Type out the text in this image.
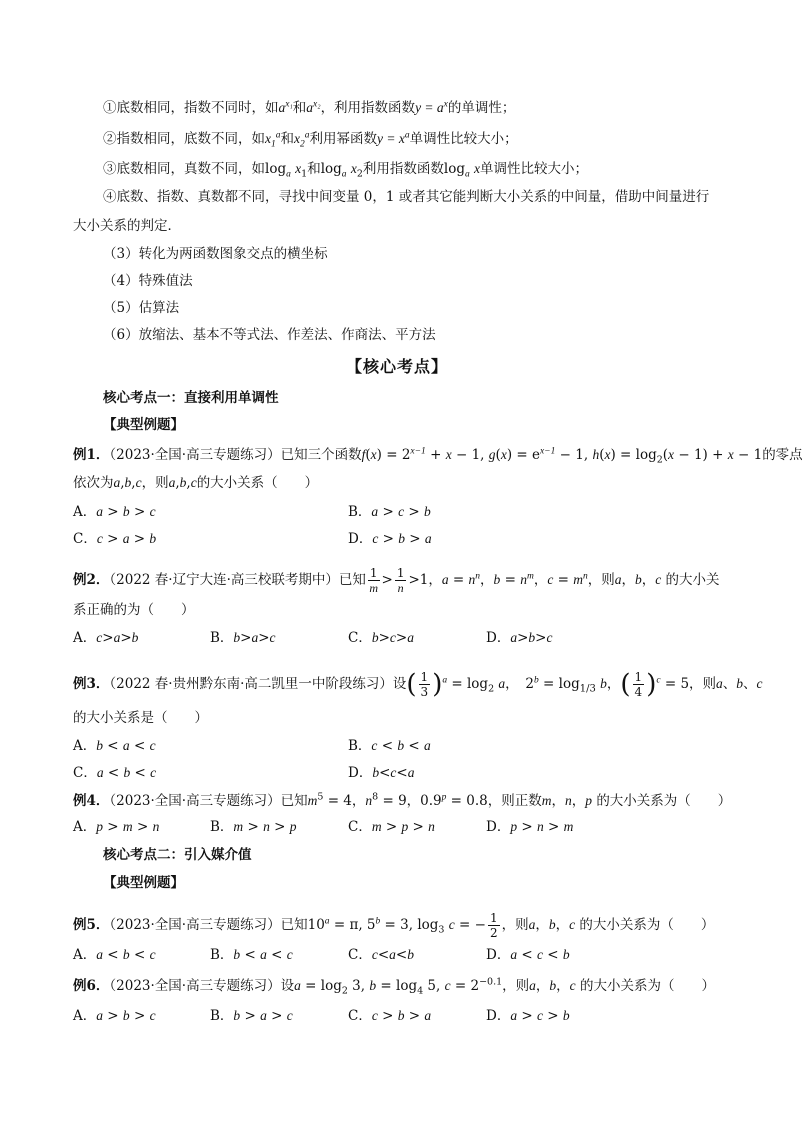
①底数相同，指数不同时，如$a^{x_1}$和$a^{x_2}$，利用指数函数$y = a^x$的单调性；
②指数相同，底数不同，如$x_1^a$和$x_2^a$利用幂函数$y = x^a$单调性比较大小；
③底数相同，真数不同，如$\log_a x_1$和$\log_a x_2$利用指数函数$\log_a x$单调性比较大小；
④底数、指数、真数都不同，寻找中间变量 0，1 或者其它能判断大小关系的中间量，借助中间量进行
大小关系的判定．
（3）转化为两函数图象交点的横坐标
（4）特殊值法
（5）估算法
（6）放缩法、基本不等式法、作差法、作商法、平方法
【核心考点】
核心考点一：直接利用单调性
【典型例题】
例1．（2023·全国·高三专题练习）已知三个函数$f(x) = 2^{x-1} + x - 1$, $g(x) = e^{x-1} - 1$, $h(x) = \log_2(x - 1) + x - 1$的零点
依次为a,b,c，则a,b,c的大小关系（　　）
A．a > b > c	B．a > c > b
C．c > a > b	D．c > b > a
例2．（2022 春·辽宁大连·高三校联考期中）已知 $\frac{1}{m} > \frac{1}{n} >1$，$a = n^n$，$b = n^m$，$c = m^n$，则a，b，c 的大小关
系正确的为（　　）
A．c>a>b	B．b>a>c	C．b>c>a	D．a>b>c
例3．（2022 春·贵州黔东南·高二凯里一中阶段练习）设( $\frac{1}{3} )^a = \log_2 a$，　$2^b = \log_{1/3} b$，( $\frac{1}{4} )^c = 5$，则a、b、c
的大小关系是（　　）
A．b < a < c	B．c < b < a
C．a < b < c	D．b<c<a
例4．（2023·全国·高三专题练习）已知$m^5 = 4$，$n^8 = 9$，$0.9^p = 0.8$，则正数m，n，p 的大小关系为（　　）
A．p > m > n	B．m > n > p	C．m > p > n	D．p > n > m
核心考点二：引入媒介值
【典型例题】
例5．（2023·全国·高三专题练习）已知$10^a = \pi$, $5^b = 3$, $\log_3 c$ = − $\frac{1}{2}$ ，则a，b，c 的大小关系为（　　）
A．a < b < c	B．b < a < c	C．c<a<b	D．a < c < b
例6．（2023·全国·高三专题练习）设$a = \log_2 3$, $b = \log_4 5$, $c = 2^{-0.1}$，则a，b，c 的大小关系为（　　）
A．a > b > c	B．b > a > c	C．c > b > a	D．a > c > b
